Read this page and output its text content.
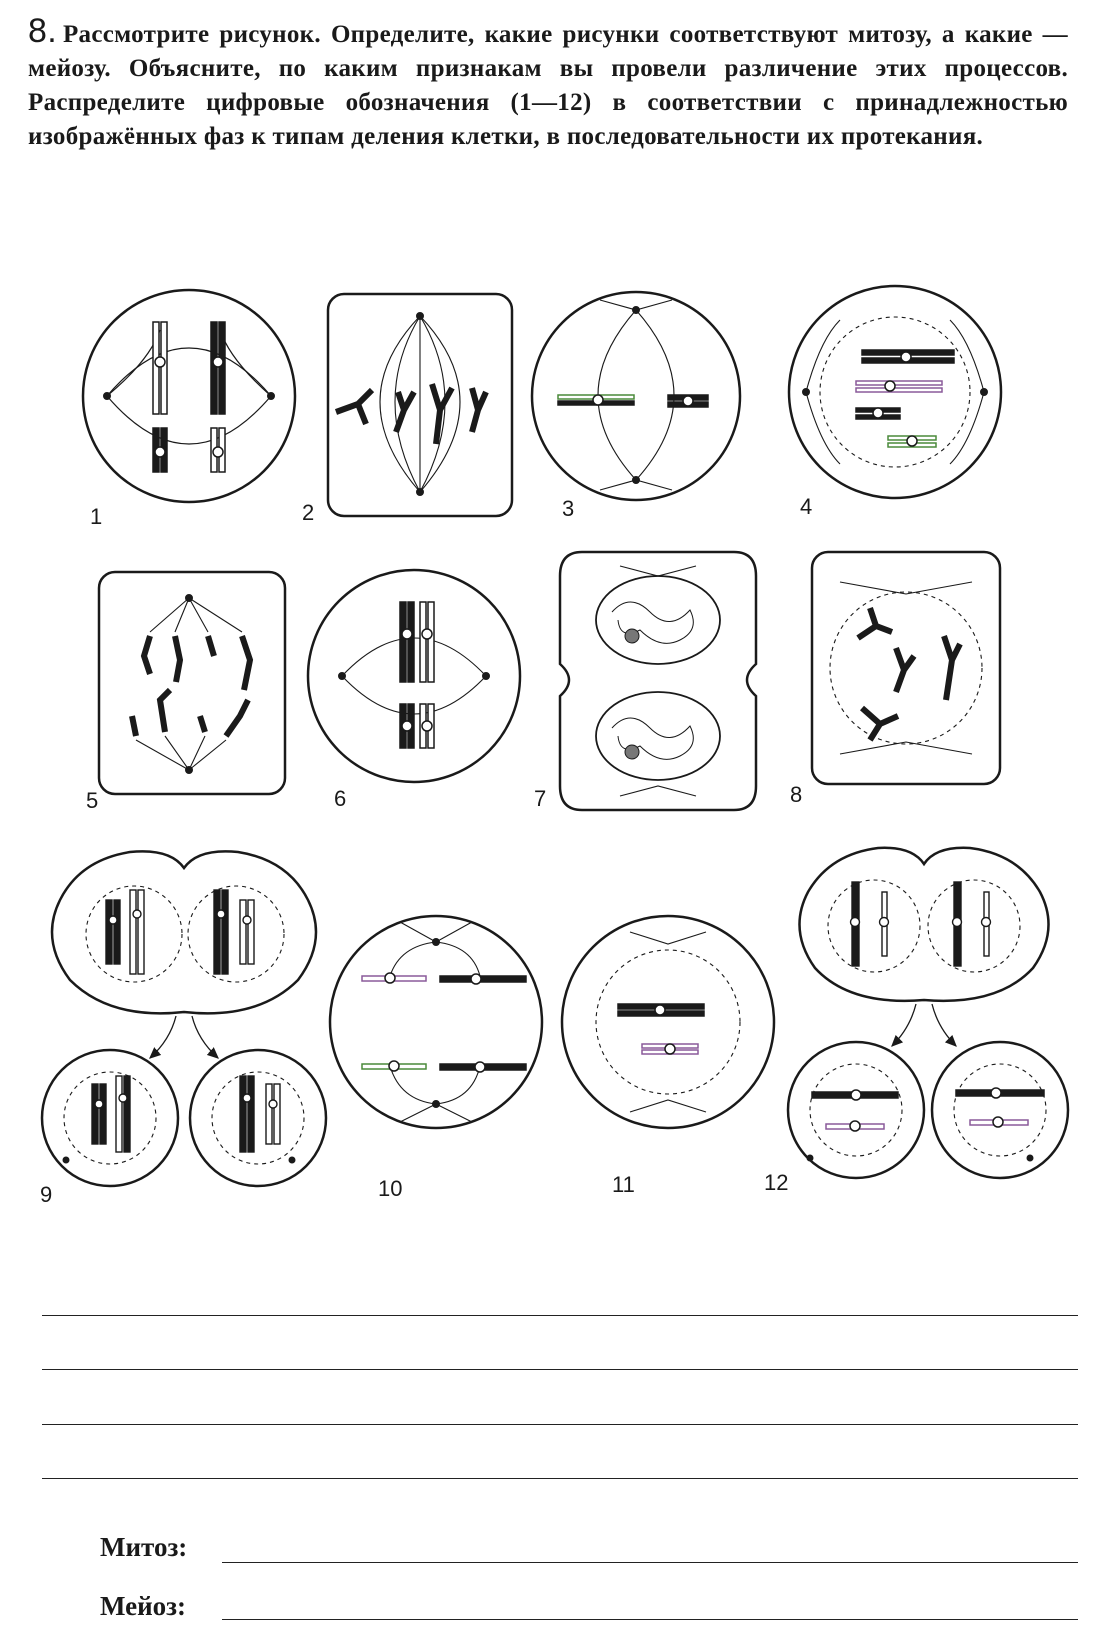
8. Рассмотрите рисунок. Определите, какие рисунки соответствуют митозу, а какие — мейозу. Объясните, по каким признакам вы провели различение этих процессов. Распределите цифровые обозначения (1—12) в соответствии с принадлежностью изображённых фаз к типам деления клетки, в последовательности их протекания.
1	2	3	4
5	6	7	8
9	10	11	12
Митоз:
Мейоз:
